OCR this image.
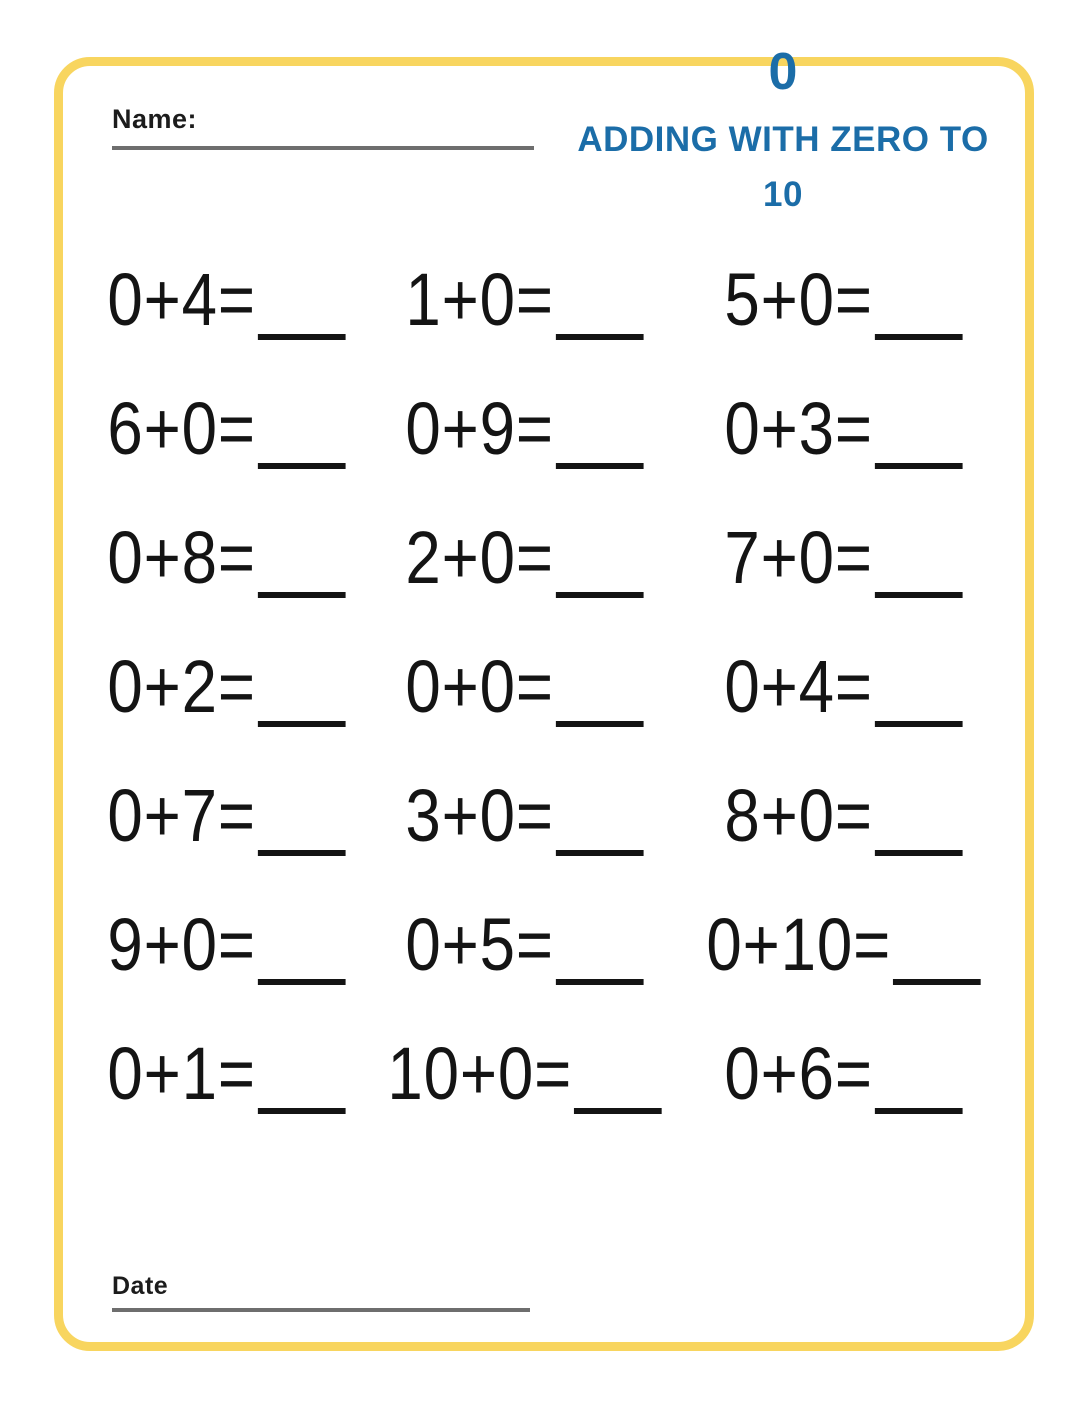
Name:
0
ADDING WITH ZERO TO 10
0+4= 1+0= 5+0=
6+0= 0+9= 0+3=
0+8= 2+0= 7+0=
0+2= 0+0= 0+4=
0+7= 3+0= 8+0=
9+0= 0+5= 0+10=
0+1= 10+0= 0+6=
Date
